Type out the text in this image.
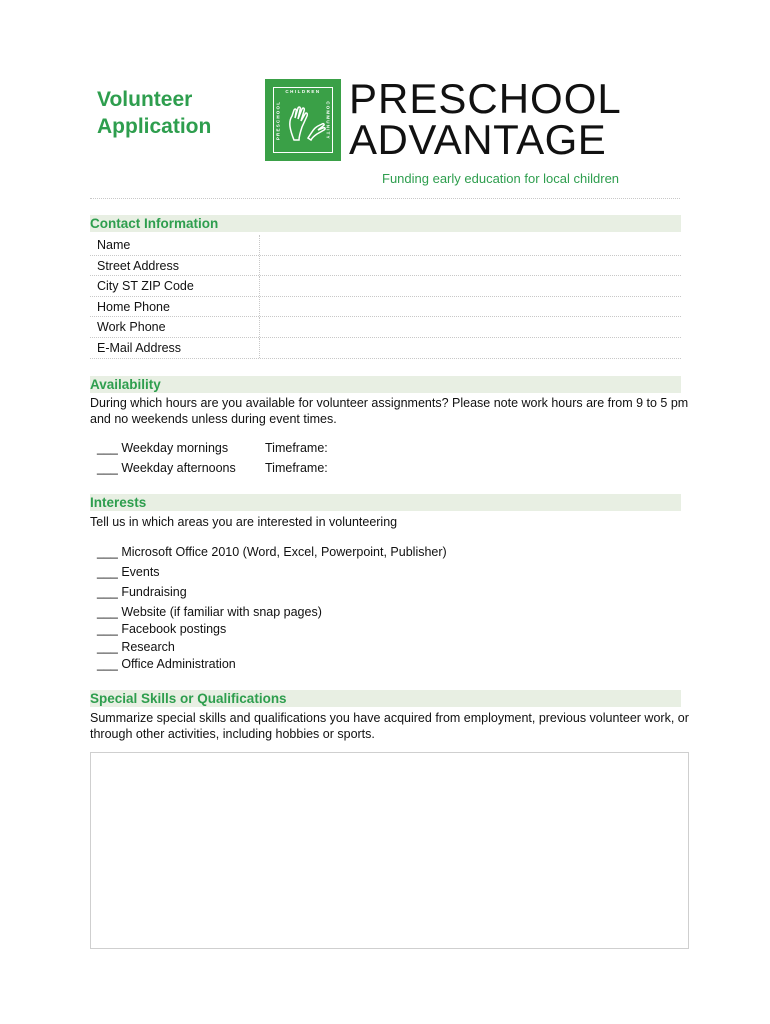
Volunteer
Application
CHILDREN
PRESCHOOL	COMMUNITY PRESCHOOL
ADVANTAGE
Funding early education for local children
Contact Information
Name
Street Address
City ST ZIP Code
Home Phone
Work Phone
E-Mail Address
Availability
During which hours are you available for volunteer assignments? Please note work hours are from 9 to 5 pm and no weekends unless during event times.
___ Weekday mornings	Timeframe:
___ Weekday afternoons Timeframe:
Interests
Tell us in which areas you are interested in volunteering
___ Microsoft Office 2010 (Word, Excel, Powerpoint, Publisher)
___ Events
___ Fundraising
___ Website (if familiar with snap pages)
___ Facebook postings
___ Research
___ Office Administration
Special Skills or Qualifications
Summarize special skills and qualifications you have acquired from employment, previous volunteer work, or through other activities, including hobbies or sports.
